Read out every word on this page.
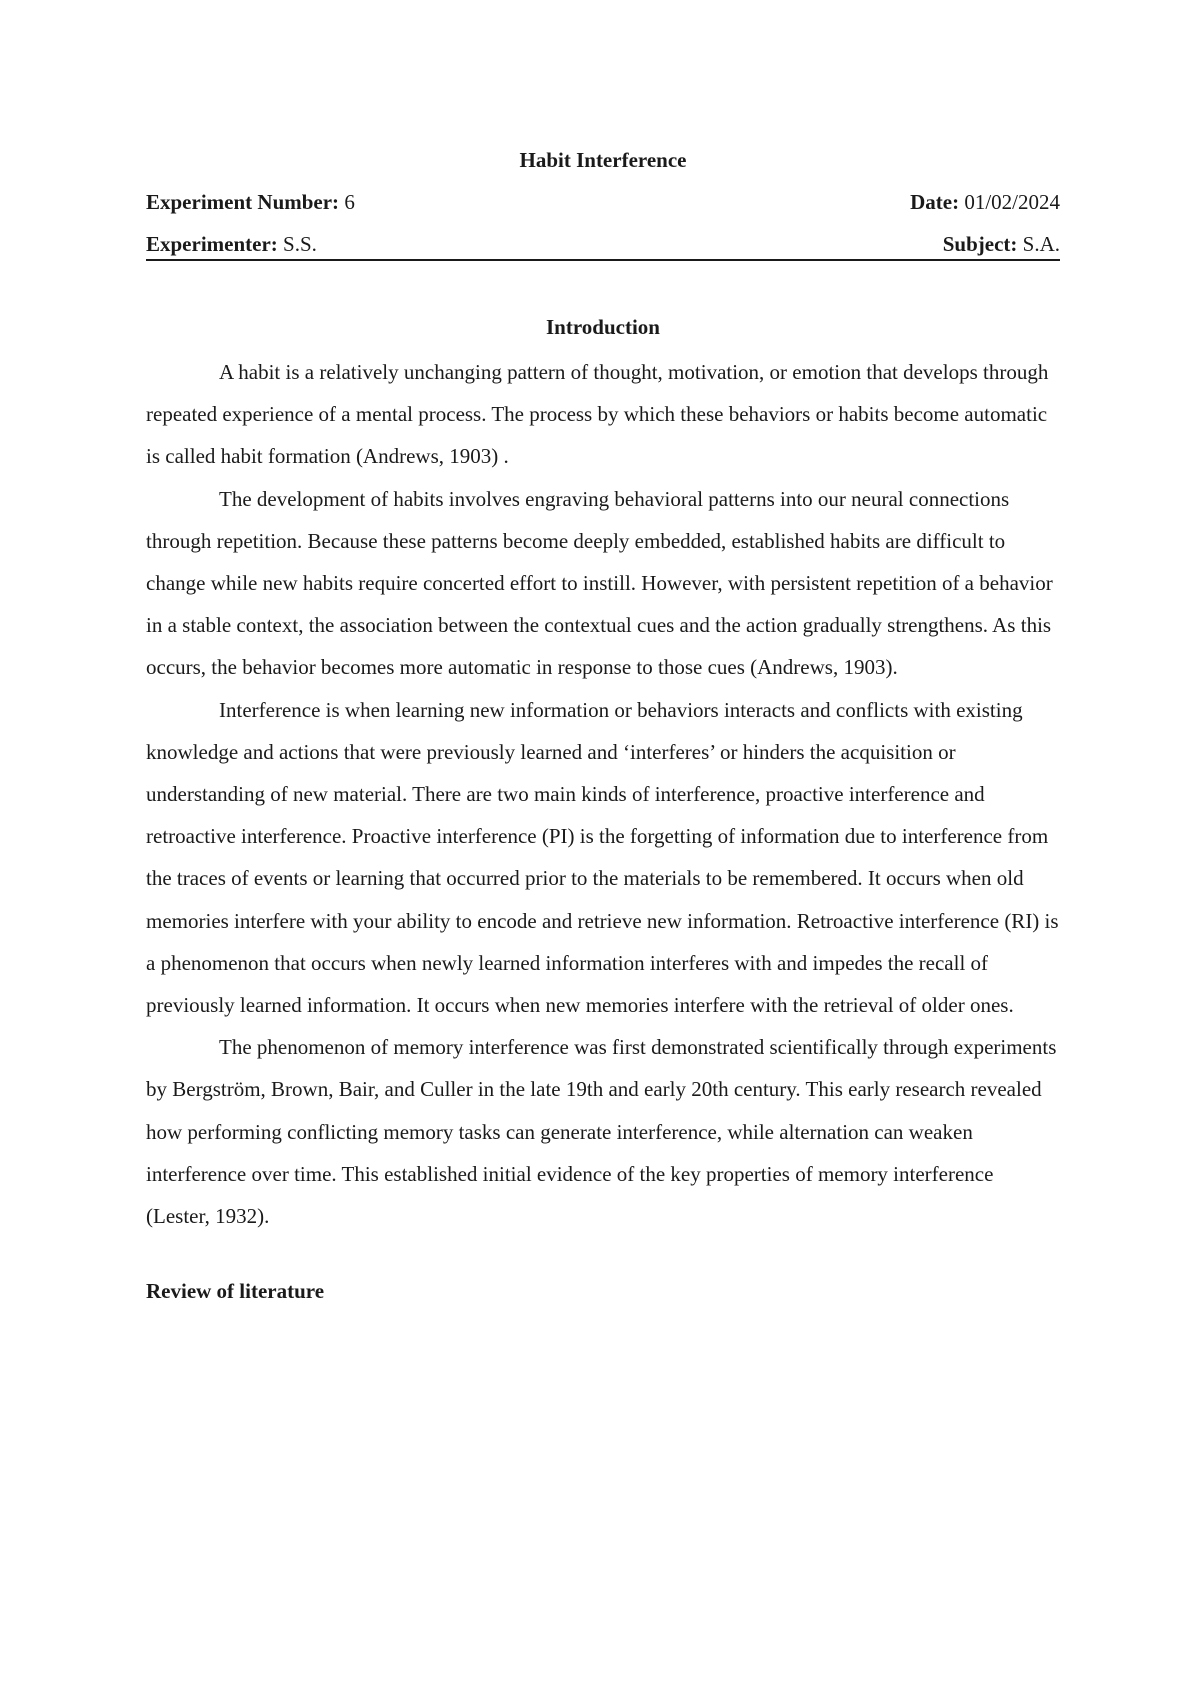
Habit Interference
Experiment Number: 6	Date: 01/02/2024
Experimenter: S.S.	Subject: S.A.
Introduction

A habit is a relatively unchanging pattern of thought, motivation, or emotion that develops through repeated experience of a mental process. The process by which these behaviors or habits become automatic is called habit formation (Andrews, 1903) .

The development of habits involves engraving behavioral patterns into our neural connections through repetition. Because these patterns become deeply embedded, established habits are difficult to change while new habits require concerted effort to instill. However, with persistent repetition of a behavior in a stable context, the association between the contextual cues and the action gradually strengthens. As this occurs, the behavior becomes more automatic in response to those cues (Andrews, 1903).

Interference is when learning new information or behaviors interacts and conflicts with existing knowledge and actions that were previously learned and ‘interferes’ or hinders the acquisition or understanding of new material. There are two main kinds of interference, proactive interference and retroactive interference. Proactive interference (PI) is the forgetting of information due to interference from the traces of events or learning that occurred prior to the materials to be remembered. It occurs when old memories interfere with your ability to encode and retrieve new information. Retroactive interference (RI) is a phenomenon that occurs when newly learned information interferes with and impedes the recall of previously learned information. It occurs when new memories interfere with the retrieval of older ones.

The phenomenon of memory interference was first demonstrated scientifically through experiments by Bergström, Brown, Bair, and Culler in the late 19th and early 20th century. This early research revealed how performing conflicting memory tasks can generate interference, while alternation can weaken interference over time. This established initial evidence of the key properties of memory interference (Lester, 1932).

Review of literature
